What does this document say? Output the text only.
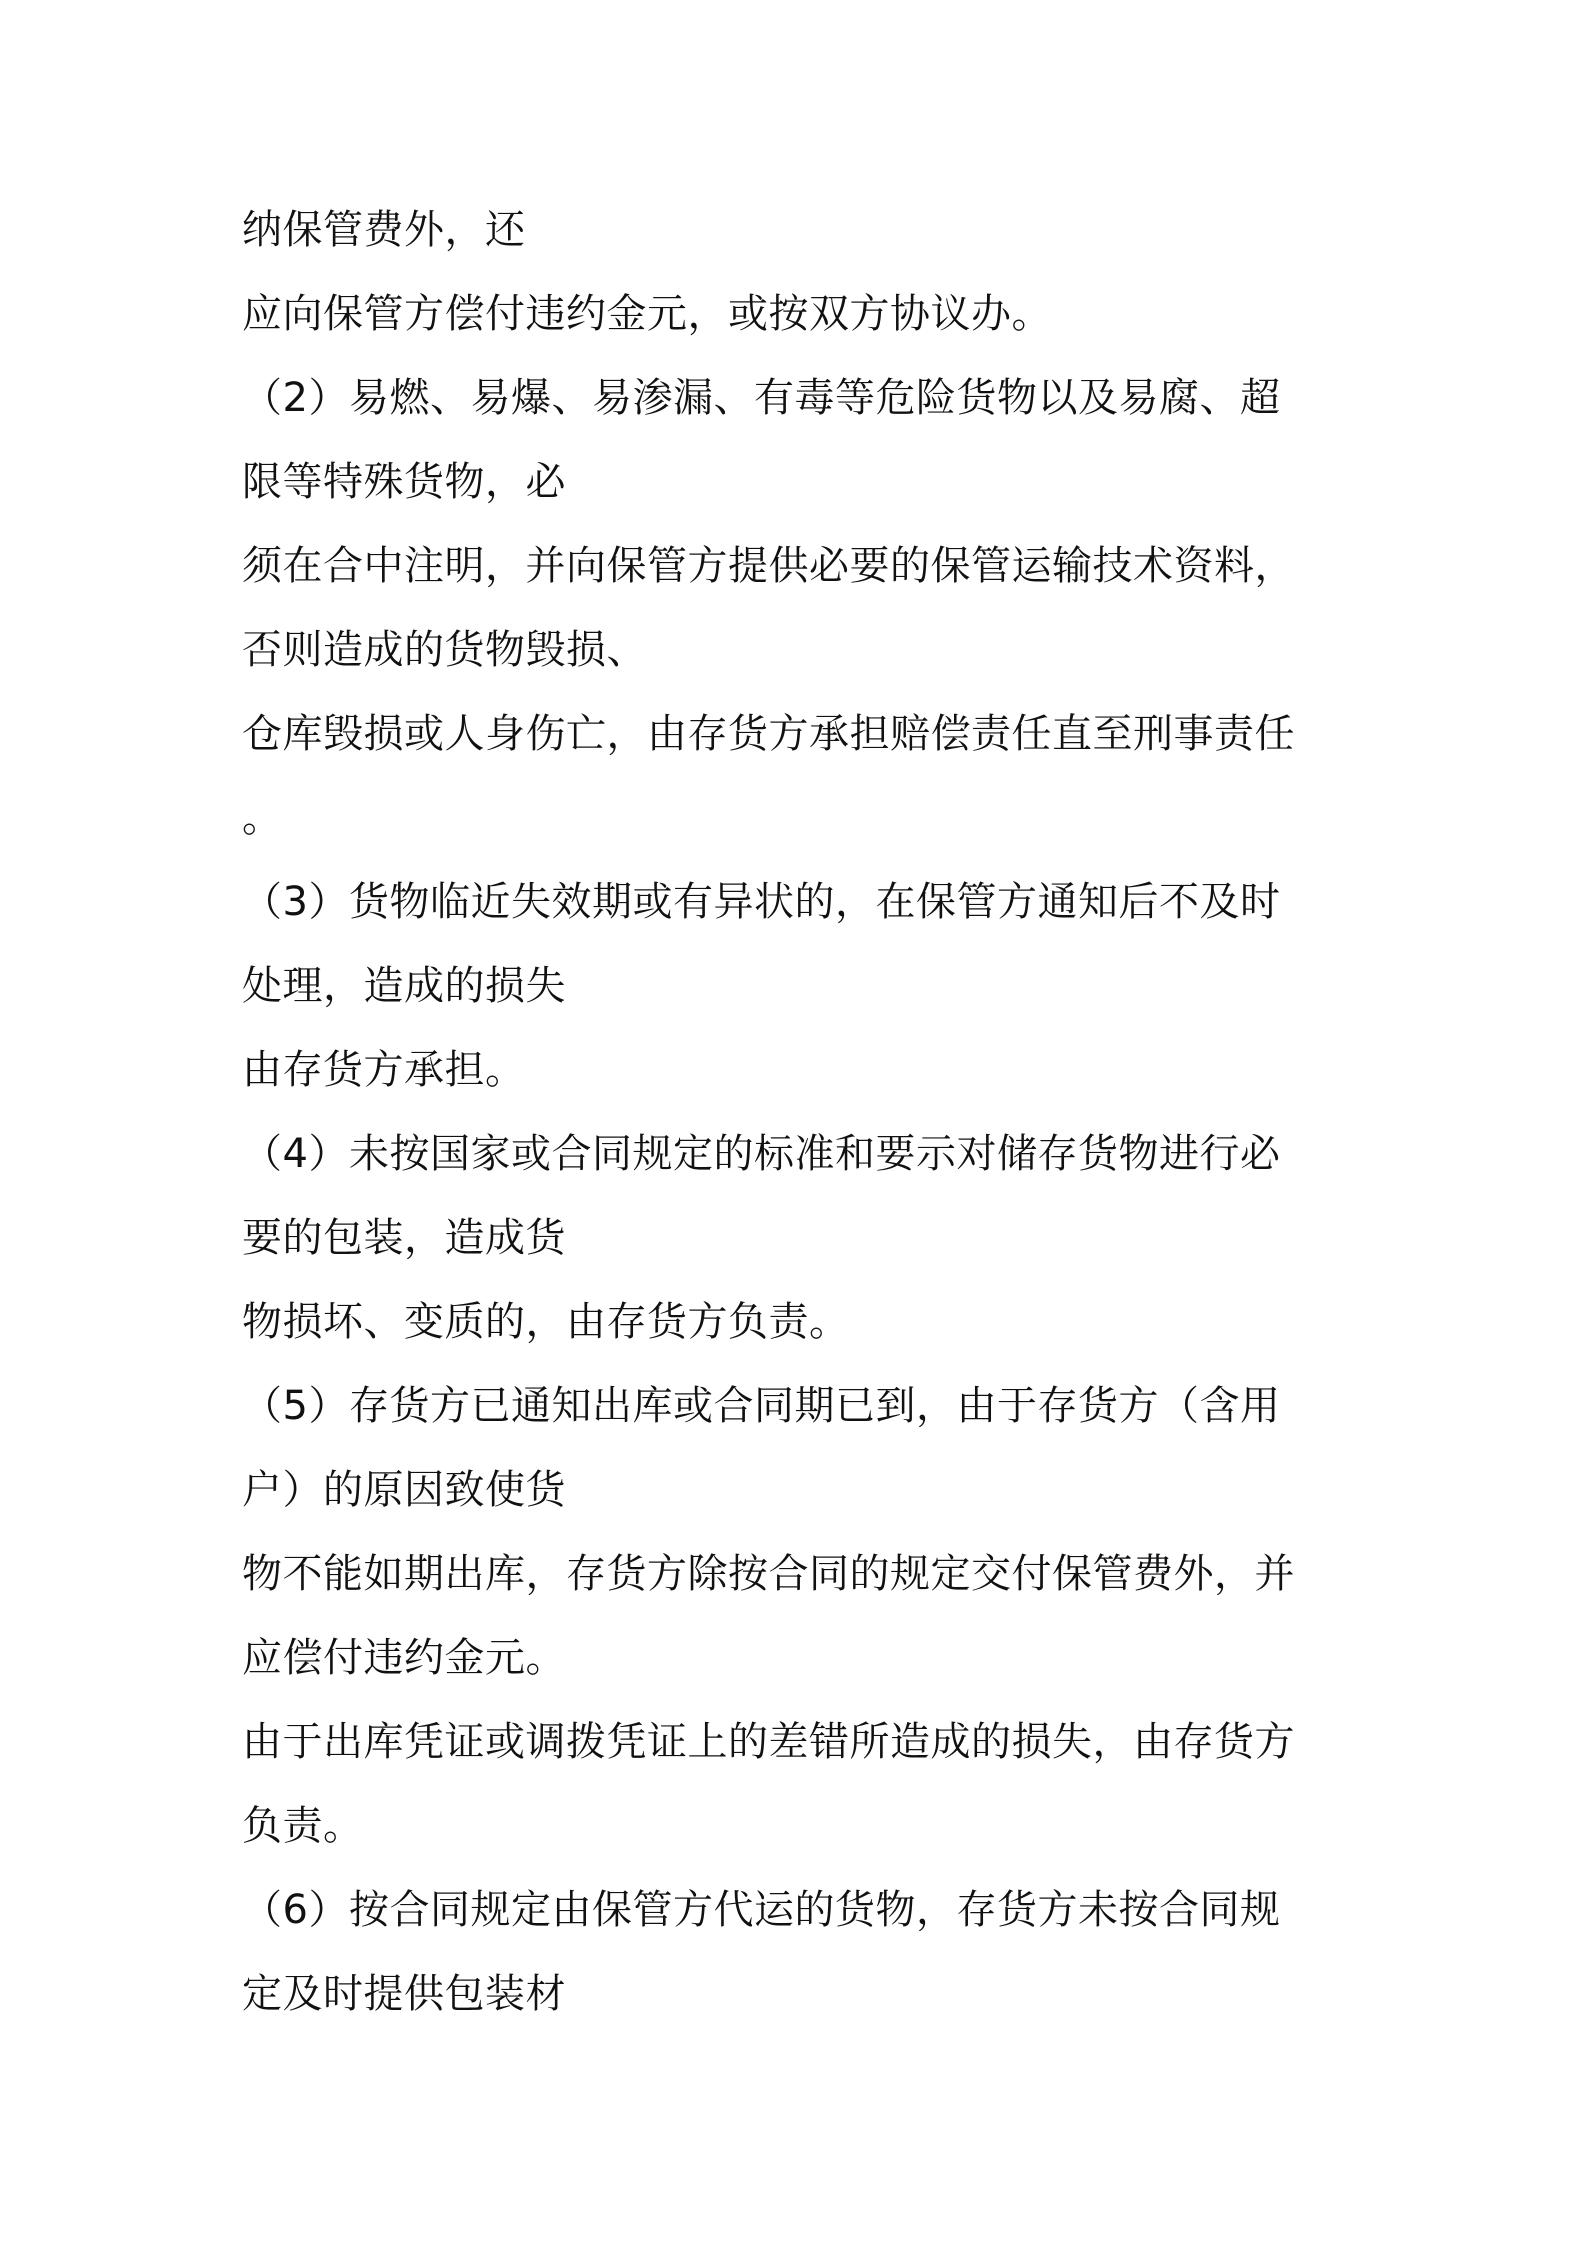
纳保管费外，还
应向保管方偿付违约金元，或按双方协议办。
（2）易燃、易爆、易渗漏、有毒等危险货物以及易腐、超
限等特殊货物，必
须在合中注明，并向保管方提供必要的保管运输技术资料，
否则造成的货物毁损、
仓库毁损或人身伤亡，由存货方承担赔偿责任直至刑事责任
。
（3）货物临近失效期或有异状的，在保管方通知后不及时
处理，造成的损失
由存货方承担。
（4）未按国家或合同规定的标准和要示对储存货物进行必
要的包装，造成货
物损坏、变质的，由存货方负责。
（5）存货方已通知出库或合同期已到，由于存货方（含用
户）的原因致使货
物不能如期出库，存货方除按合同的规定交付保管费外，并
应偿付违约金元。
由于出库凭证或调拨凭证上的差错所造成的损失，由存货方
负责。
（6）按合同规定由保管方代运的货物，存货方未按合同规
定及时提供包装材
